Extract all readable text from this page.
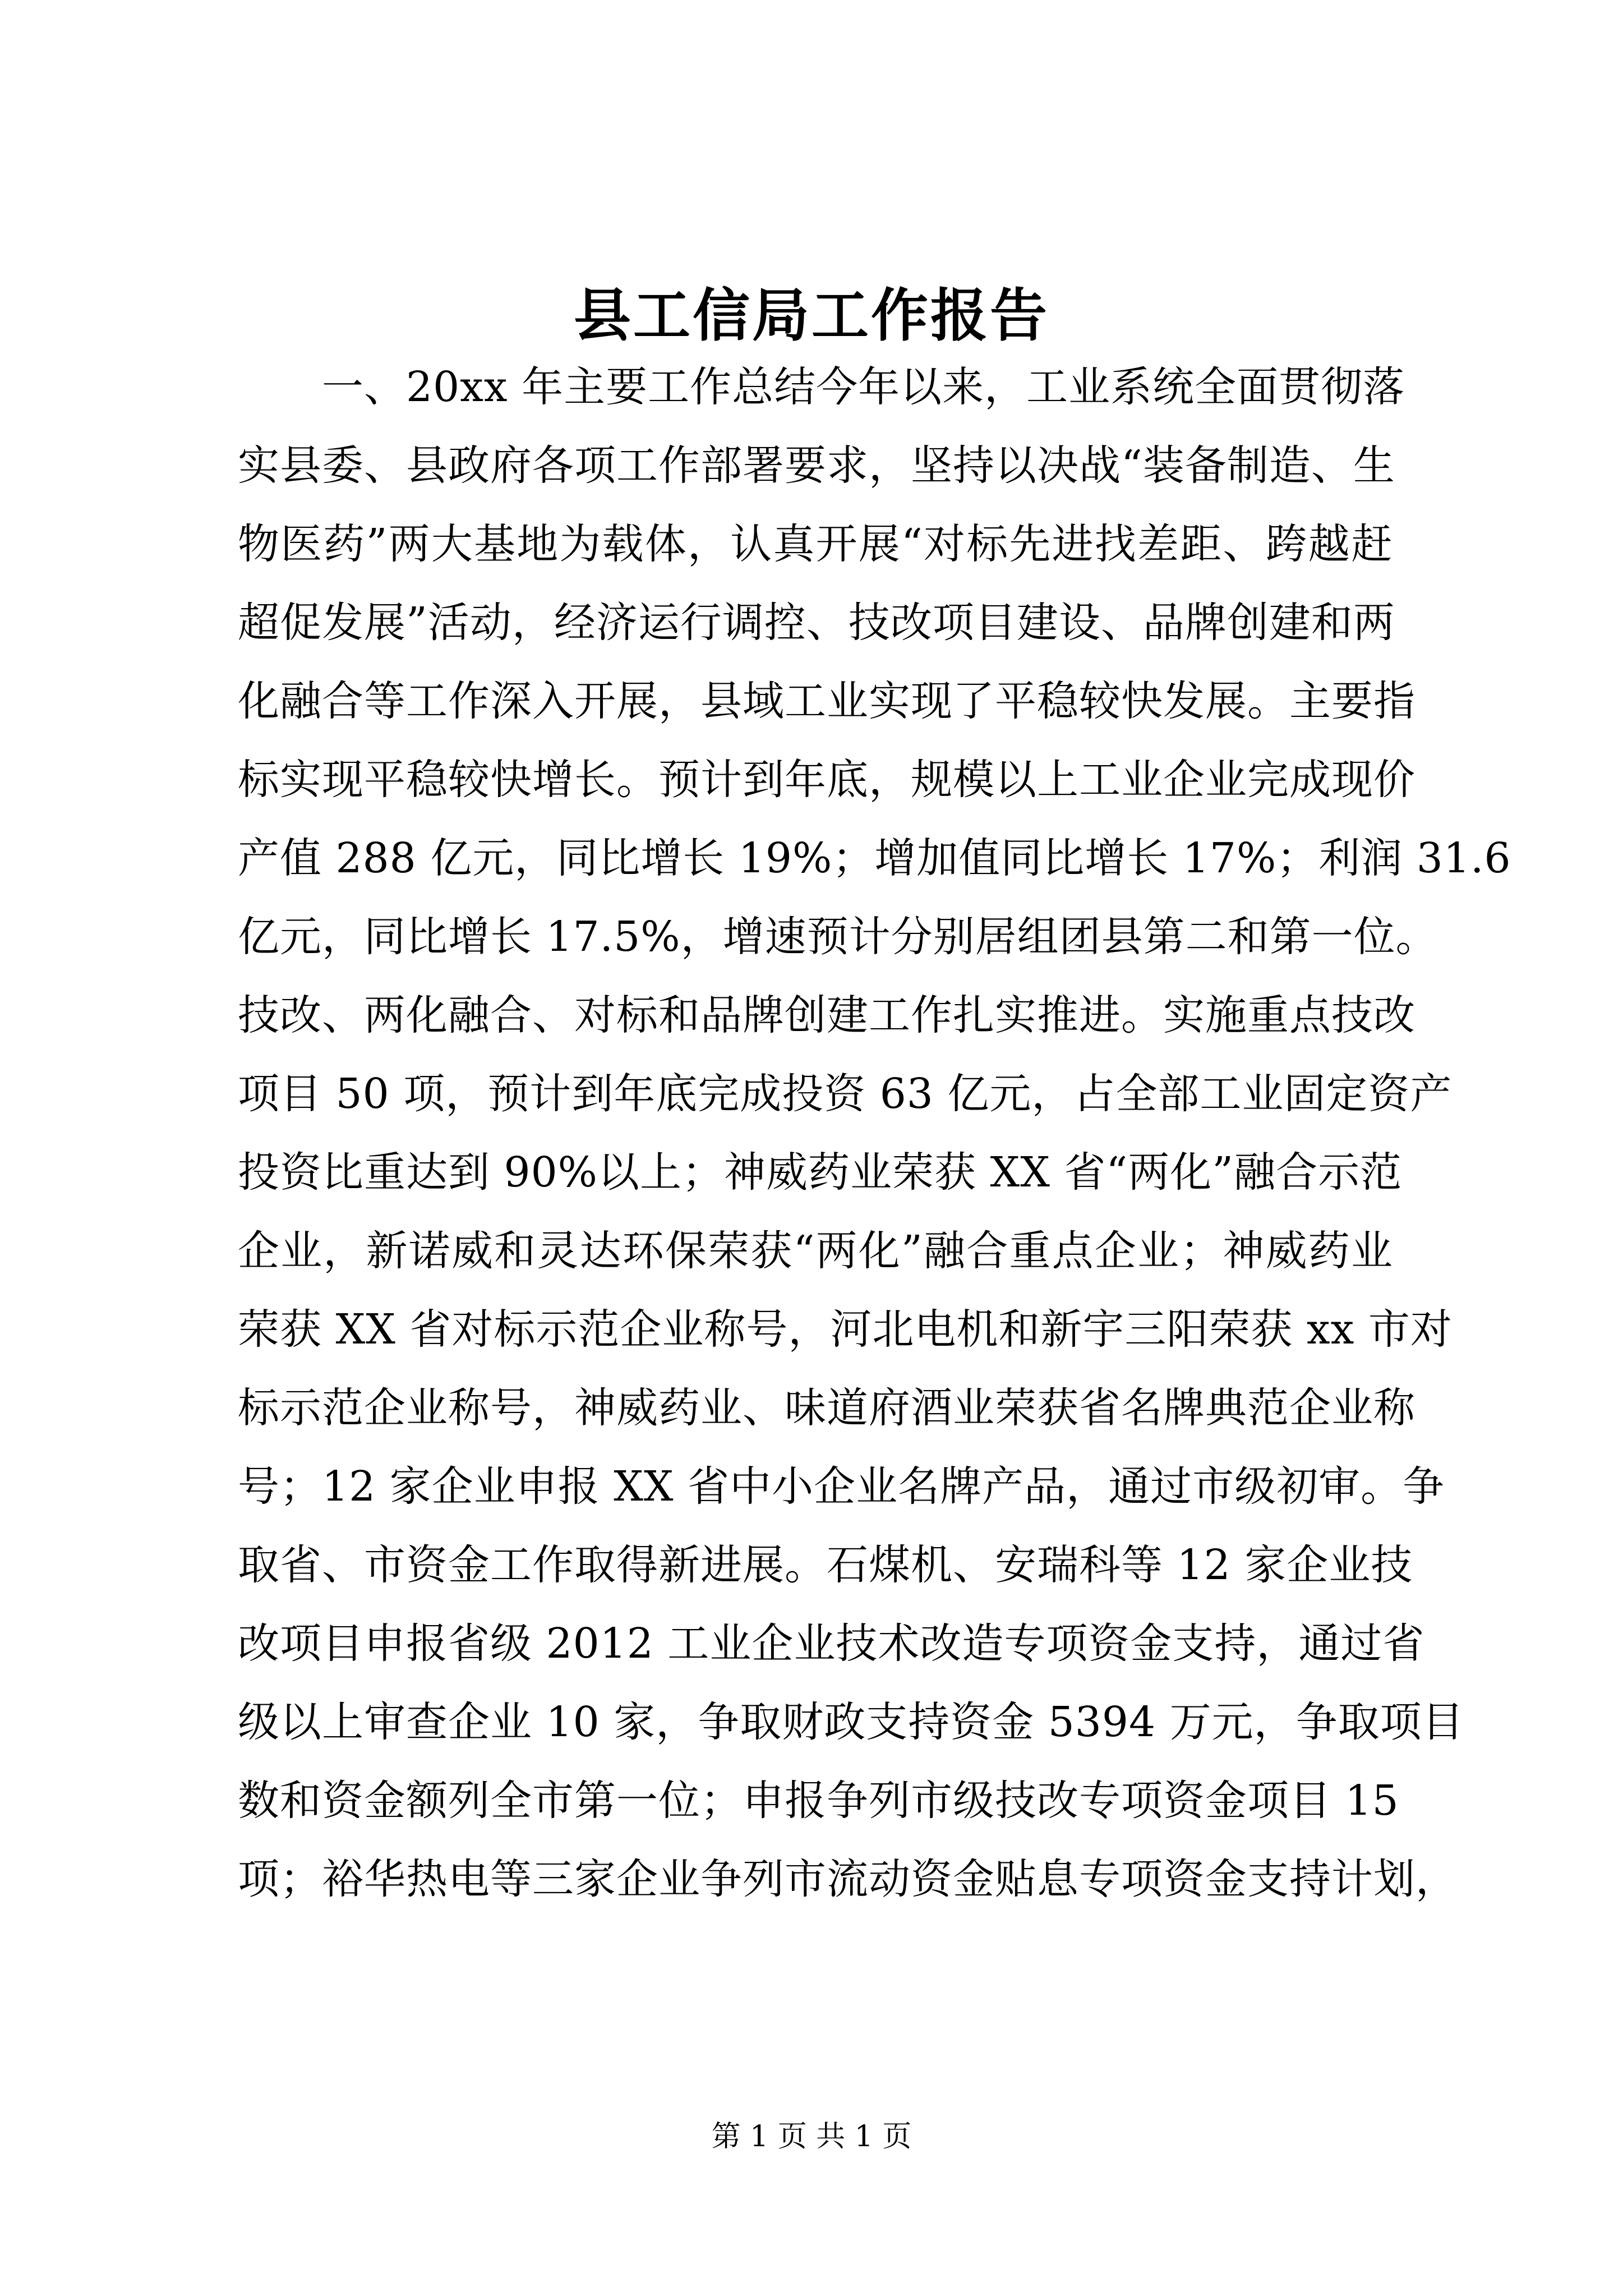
县工信局工作报告
一、20xx 年主要工作总结今年以来，工业系统全面贯彻落
实县委、县政府各项工作部署要求，坚持以决战“装备制造、生
物医药”两大基地为载体，认真开展“对标先进找差距、跨越赶
超促发展”活动，经济运行调控、技改项目建设、品牌创建和两
化融合等工作深入开展，县域工业实现了平稳较快发展。主要指
标实现平稳较快增长。预计到年底，规模以上工业企业完成现价
产值 288 亿元，同比增长 19%；增加值同比增长 17%；利润 31.6
亿元，同比增长 17.5%，增速预计分别居组团县第二和第一位。
技改、两化融合、对标和品牌创建工作扎实推进。实施重点技改
项目 50 项，预计到年底完成投资 63 亿元，占全部工业固定资产
投资比重达到 90%以上；神威药业荣获 XX 省“两化”融合示范
企业，新诺威和灵达环保荣获“两化”融合重点企业；神威药业
荣获 XX 省对标示范企业称号，河北电机和新宇三阳荣获 xx 市对
标示范企业称号，神威药业、味道府酒业荣获省名牌典范企业称
号；12 家企业申报 XX 省中小企业名牌产品，通过市级初审。争
取省、市资金工作取得新进展。石煤机、安瑞科等 12 家企业技
改项目申报省级 2012 工业企业技术改造专项资金支持，通过省
级以上审查企业 10 家，争取财政支持资金 5394 万元，争取项目
数和资金额列全市第一位；申报争列市级技改专项资金项目 15
项；裕华热电等三家企业争列市流动资金贴息专项资金支持计划，
第 1 页 共 1 页
